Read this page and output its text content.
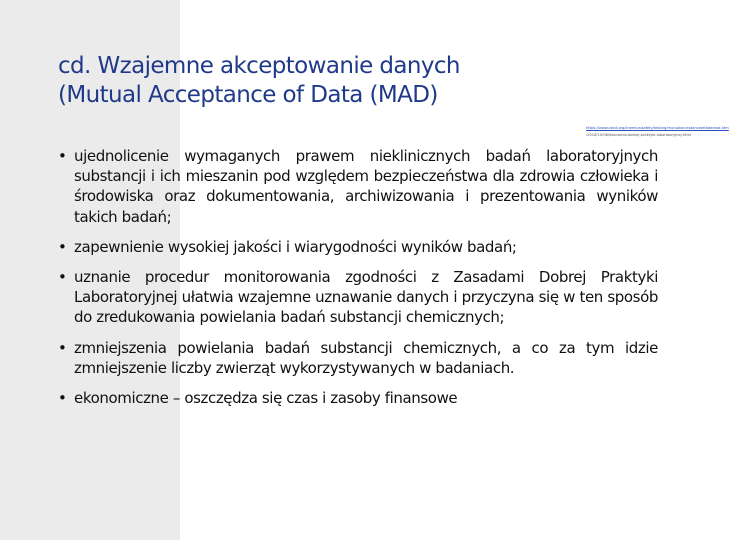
cd. Wzajemne akceptowanie danych
(Mutual Acceptance of Data (MAD)
https://www.oecd.org/chemicalsafety/testing/mutualacceptanceofdatamad.htm
/2016/10/06/ekonomia-dobrej-praktyki-laboratoryjnej.html
• ujednolicenie wymaganych prawem nieklinicznych badań laboratoryjnych substancji i ich mieszanin pod względem bezpieczeństwa dla zdrowia człowieka i środowiska oraz dokumentowania, archiwizowania i prezentowania wyników takich badań;
• zapewnienie wysokiej jakości i wiarygodności wyników badań;
• uznanie procedur monitorowania zgodności z Zasadami Dobrej Praktyki Laboratoryjnej ułatwia wzajemne uznawanie danych i przyczyna się w ten sposób do zredukowania powielania badań substancji chemicznych;
• zmniejszenia powielania badań substancji chemicznych, a co za tym idzie zmniejszenie liczby zwierząt wykorzystywanych w badaniach.
• ekonomiczne – oszczędza się czas i zasoby finansowe
